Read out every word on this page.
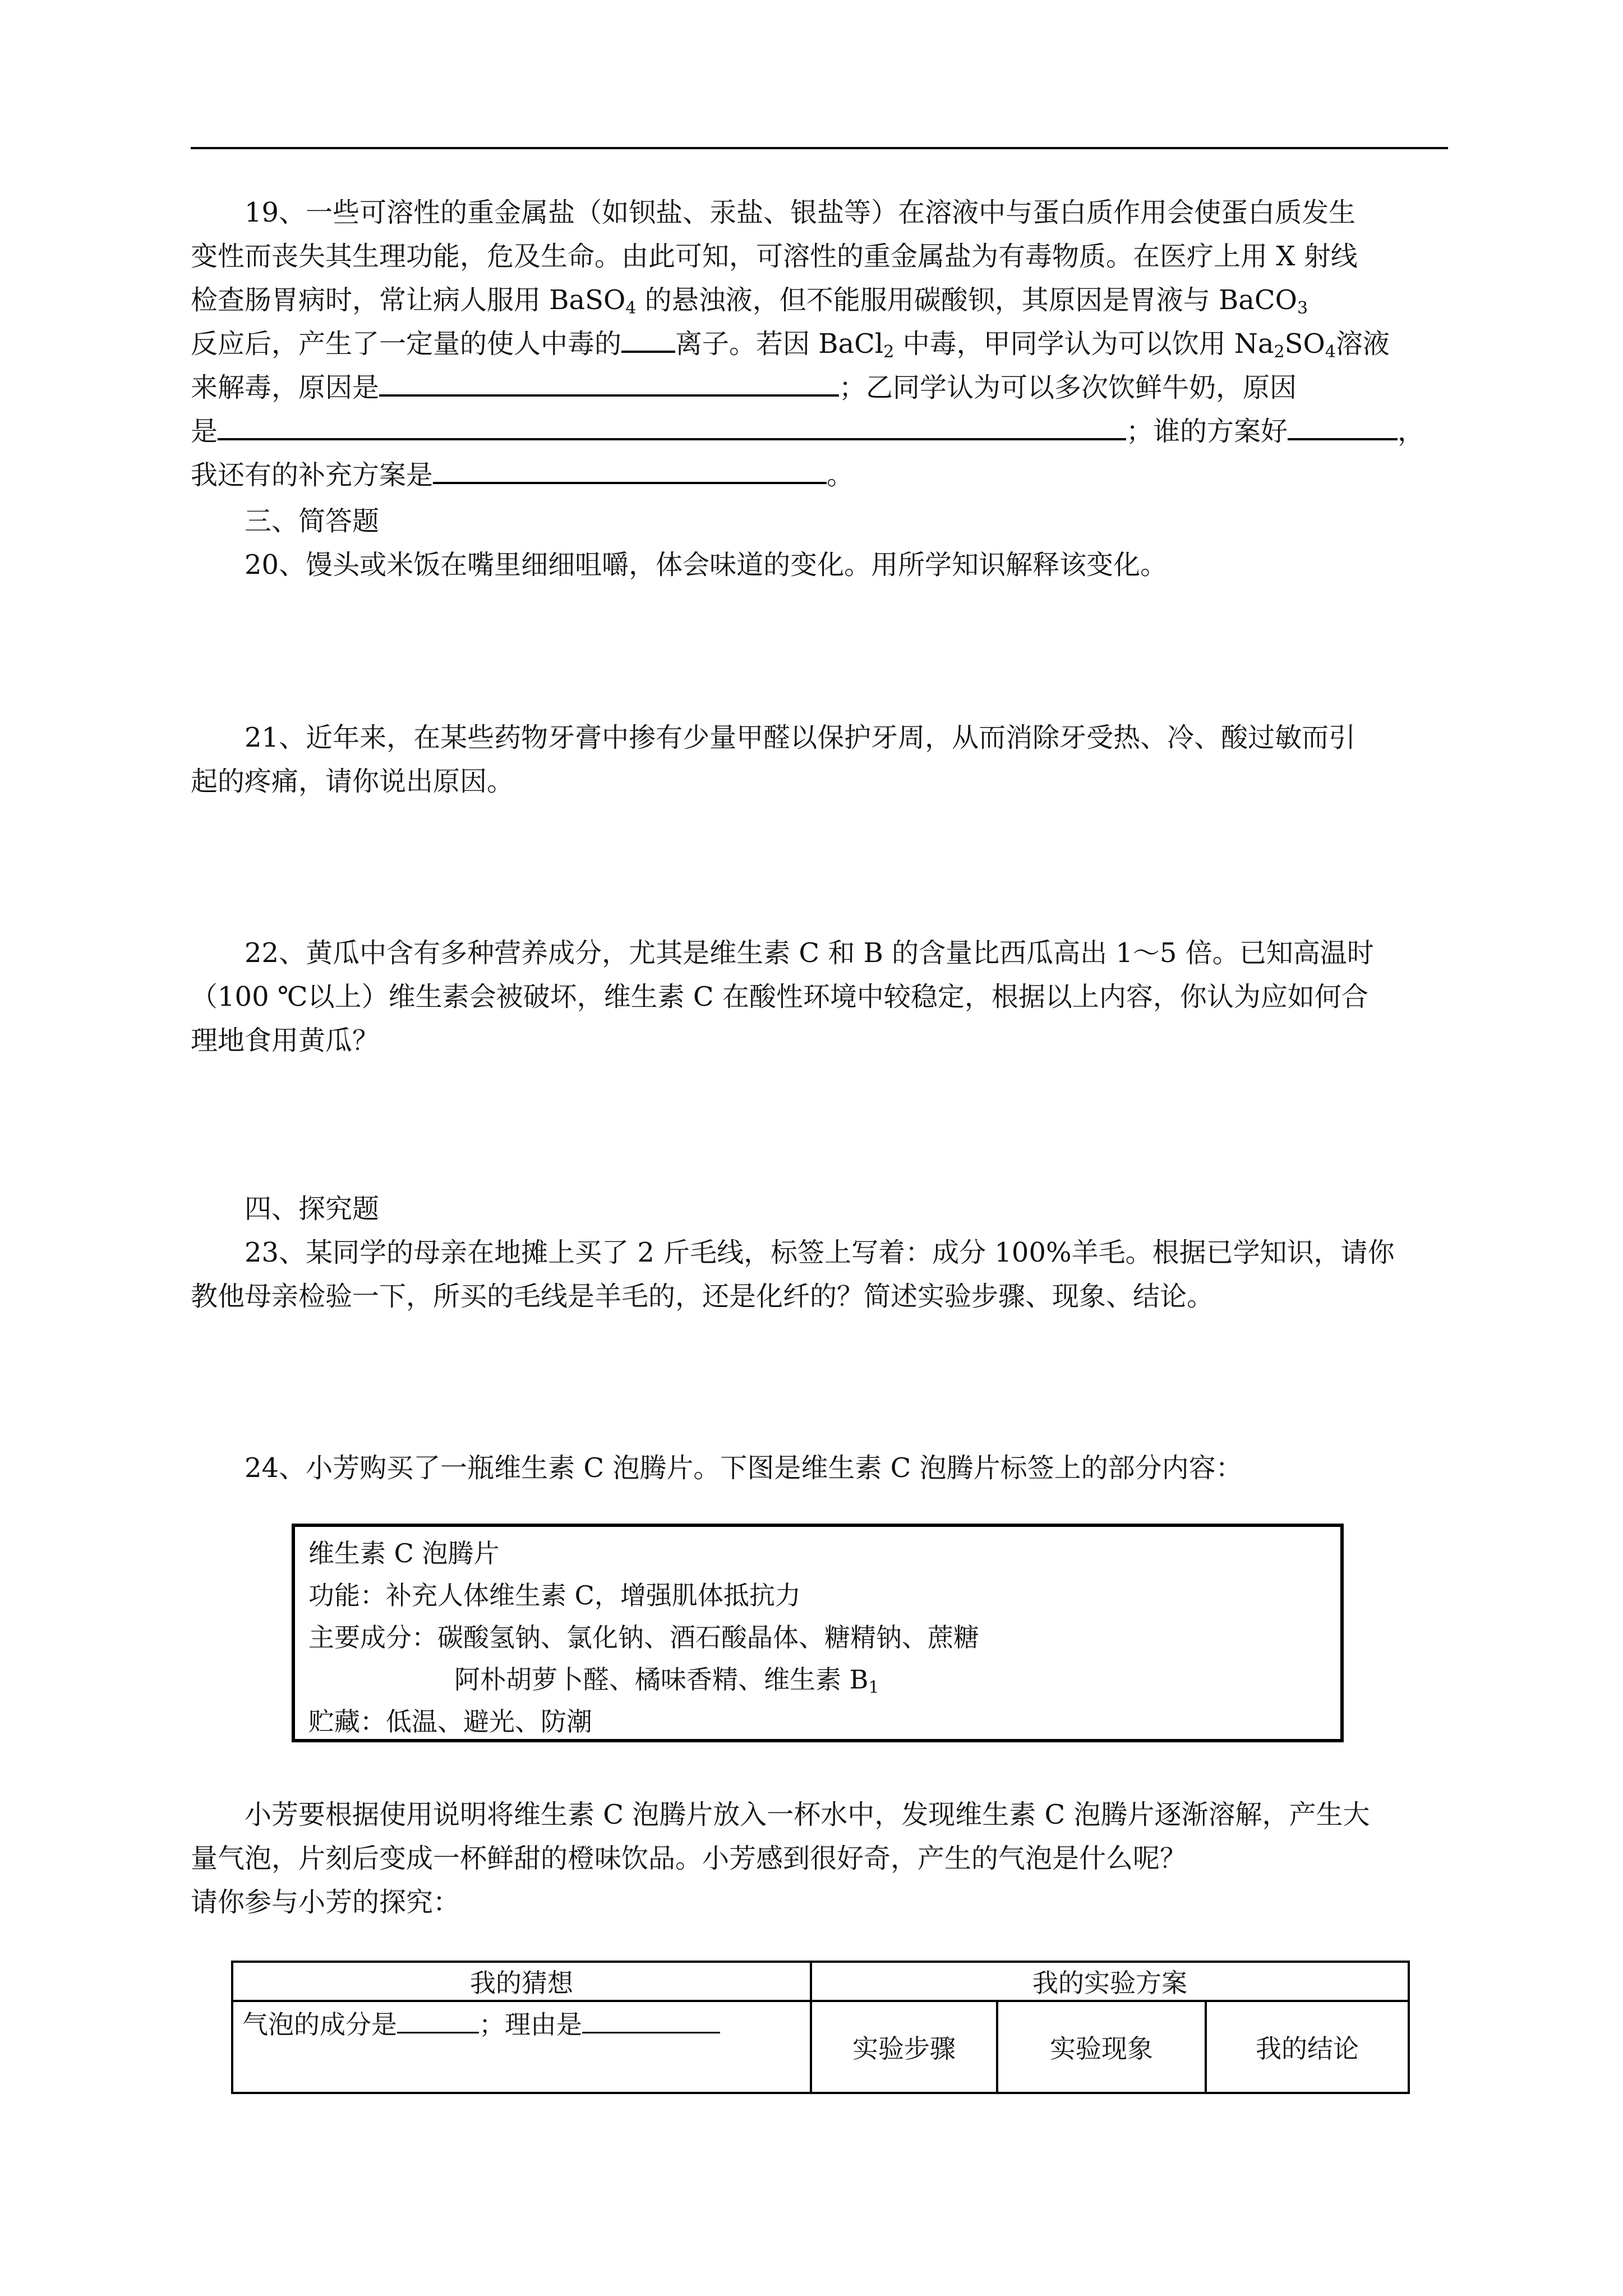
19、一些可溶性的重金属盐（如钡盐、汞盐、银盐等）在溶液中与蛋白质作用会使蛋白质发生
变性而丧失其生理功能，危及生命。由此可知，可溶性的重金属盐为有毒物质。在医疗上用 X 射线
检查肠胃病时，常让病人服用 BaSO$_4$ 的悬浊液，但不能服用碳酸钡，其原因是胃液与 BaCO$_3$
反应后，产生了一定量的使人中毒的 离子。若因 BaCl$_2$ 中毒，甲同学认为可以饮用 $Na_2SO_4$溶液
来解毒，原因是	；乙同学认为可以多次饮鲜牛奶，原因
是	；谁的方案好	，
我还有的补充方案是	。
三、简答题
20、馒头或米饭在嘴里细细咀嚼，体会味道的变化。用所学知识解释该变化。
21、近年来，在某些药物牙膏中掺有少量甲醛以保护牙周，从而消除牙受热、冷、酸过敏而引
起的疼痛，请你说出原因。
22、黄瓜中含有多种营养成分，尤其是维生素 C 和 B 的含量比西瓜高出 1～5 倍。已知高温时
（100 ℃以上）维生素会被破坏，维生素 C 在酸性环境中较稳定，根据以上内容，你认为应如何合
理地食用黄瓜？
四、探究题
23、某同学的母亲在地摊上买了 2 斤毛线，标签上写着：成分 100%羊毛。根据已学知识，请你
教他母亲检验一下，所买的毛线是羊毛的，还是化纤的？简述实验步骤、现象、结论。
24、小芳购买了一瓶维生素 C 泡腾片。下图是维生素 C 泡腾片标签上的部分内容：
维生素 C 泡腾片
功能：补充人体维生素 C，增强肌体抵抗力
主要成分：碳酸氢钠、氯化钠、酒石酸晶体、糖精钠、蔗糖
阿朴胡萝卜醛、橘味香精、维生素 $B_1$
贮藏：低温、避光、防潮
小芳要根据使用说明将维生素 C 泡腾片放入一杯水中，发现维生素 C 泡腾片逐渐溶解，产生大
量气泡，片刻后变成一杯鲜甜的橙味饮品。小芳感到很好奇，产生的气泡是什么呢？
请你参与小芳的探究：
我的猜想	我的实验方案		
气泡的成分是 ；理由是	实验步骤	实验现象	我的结论
